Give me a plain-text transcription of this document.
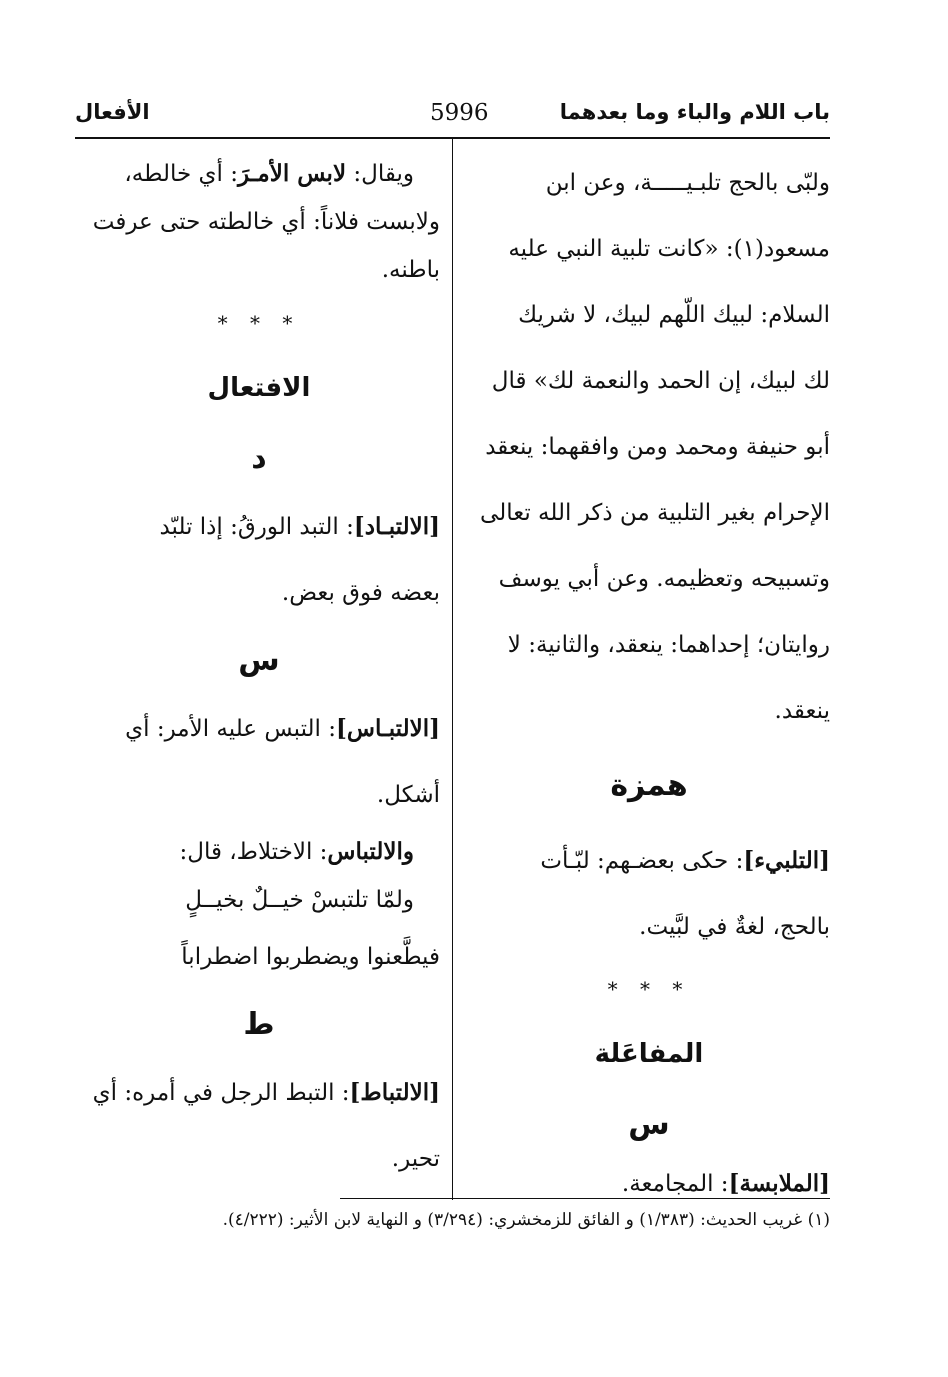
باب اللام والباء وما بعدهما
5996
الأفعال
ولبّى بالحج تلبـيـــــة، وعن ابن
مسعود(١): «كانت تلبية النبي عليه
السلام: لبيك اللّهم لبيك، لا شريك
لك لبيك، إن الحمد والنعمة لك» قال
أبو حنيفة ومحمد ومن وافقهما: ينعقد
الإحرام بغير التلبية من ذكر الله تعالى
وتسبيحه وتعظيمه. وعن أبي يوسف
روايتان؛ إحداهما: ينعقد، والثانية: لا
ينعقد.
همزة
[التلبيء]: حكى بعضـهم: لبّـأت
بالحج، لغةٌ في لبَّيت.
* * *
المفاعَلة
س
[الملابسة]: المجامعة.
ويقال: لابس الأمـرَ: أي خالطه،
ولابست فلاناً: أي خالطته حتى عرفت
باطنه.
* * *
الافتعال
د
[الالتبـاد]: التبد الورقُ: إذا تلبّد
بعضه فوق بعض.
س
[الالتبـاس]: التبس عليه الأمر: أي
أشكل.
والالتباس: الاختلاط، قال:
ولمّا تلتبسْ خيــلٌ بخيــلٍ
فيطَّعنوا ويضطربوا اضطراباً
ط
[الالتباط]: التبط الرجل في أمره: أي
تحير.
(١) غريب الحديث: (١/٣٨٣) و الفائق للزمخشري: (٣/٢٩٤) و النهاية لابن الأثير: (٤/٢٢٢).
